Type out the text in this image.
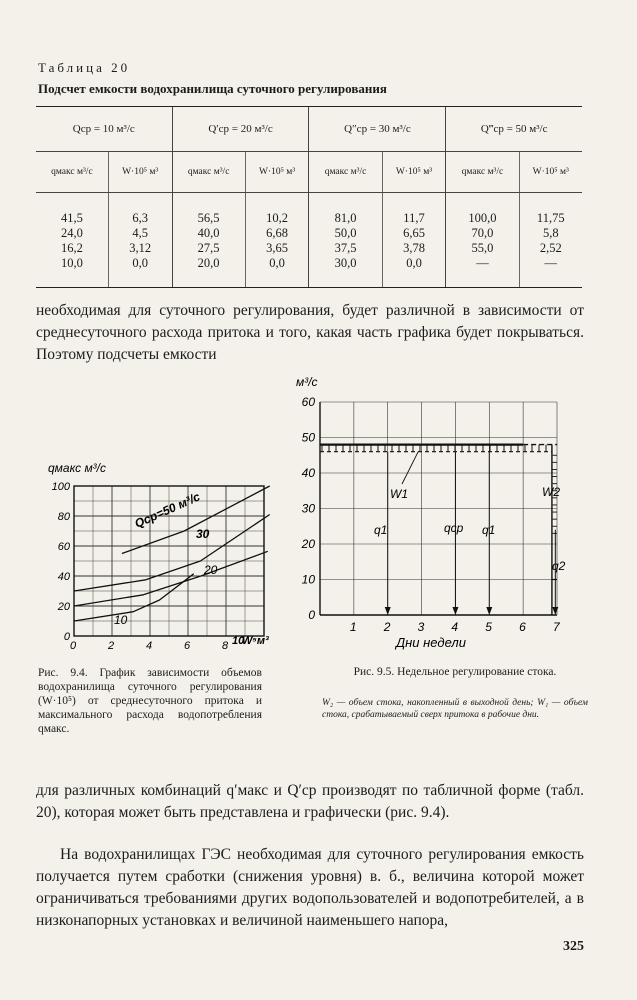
Таблица 20
Подсчет емкости водохранилища суточного регулирования
Qср = 10 м³/с		Q′ср = 20 м³/с		Q″ср = 30 м³/с		Q‴ср = 50 м³/с	
qмакс м³/с	W·10⁵ м³	qмакс м³/с	W·10⁵ м³	qмакс м³/с	W·10⁵ м³	qмакс м³/с	W·10⁵ м³
41,5	6,3	56,5	10,2	81,0	11,7	100,0	11,75
24,0	4,5	40,0	6,68	50,0	6,65	70,0	5,8
16,2	3,12	27,5	3,65	37,5	3,78	55,0	2,52
10,0	0,0	20,0	0,0	30,0	0,0	—	—
необходимая для суточного регулирования, будет различной в зависимости от среднесуточного расхода притока и того, какая часть графика будет покрываться. Поэтому подсчеты емкости
0	2	4	6	8
0
20
40
60
80
100
qмакс м³/с
W⁵м³
10
10
20
30
Qср=50 м³/с
Рис. 9.4. График зависимости объемов водохранилища суточного регулирования (W·10⁵) от среднесуточного притока и максимального расхода водопотребления qмакс.
1 2 3 4 5 6 7
0
10
20
30
40
50
60
м³/с
Дни недели
W1	W2
q1	qср q1
q2
Рис. 9.5. Недельное регулирование стока.
W₂ — объем стока, накопленный в выходной день; W₁ — объем стока, срабатываемый сверх притока в рабочие дни.
для различных комбинаций q′макс и Q′ср производят по табличной форме (табл. 20), которая может быть представлена и графически (рис. 9.4).
На водохранилищах ГЭС необходимая для суточного регулирования емкость получается путем сработки (снижения уровня) в. б., величина которой может ограничиваться требованиями других водопользователей и водопотребителей, а в низконапорных установках и величиной наименьшего напора,
325
